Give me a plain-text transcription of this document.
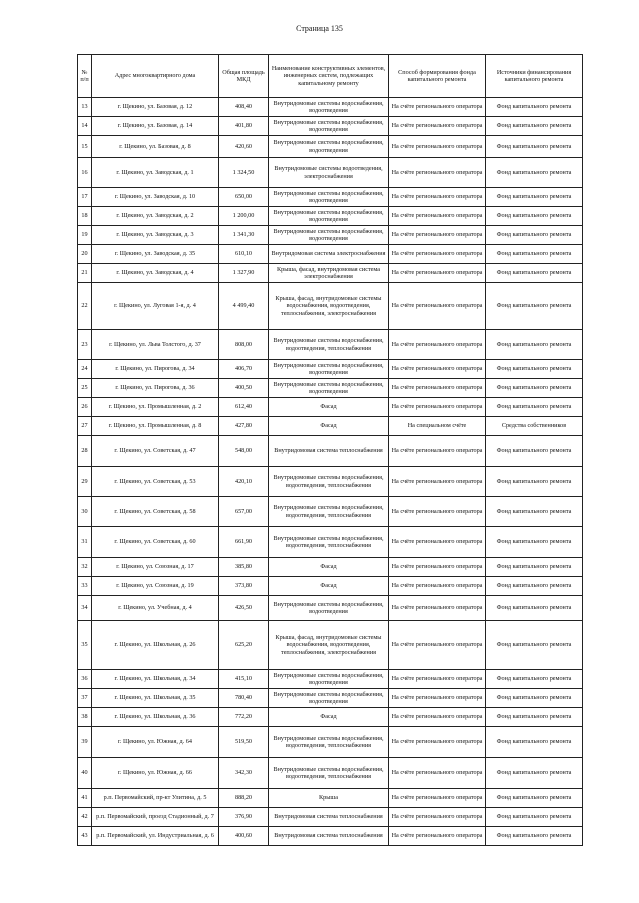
Страница 135
№ п/п	Адрес многоквартирного дома	Общая площадь МКД	Наименование конструктивных элементов, инженерных систем, подлежащих капитальному ремонту	Способ формирования фонда капитального ремонта	Источники финансирования капитального ремонта
13	г. Щекино, ул. Базовая, д. 12	408,40	Внутридомовые системы водоснабжения, водоотведения	На счёте регионального оператора	Фонд капитального ремонта
14	г. Щекино, ул. Базовая, д. 14	401,80	Внутридомовые системы водоснабжения, водоотведения	На счёте регионального оператора	Фонд капитального ремонта
15	г. Щекино, ул. Базовая, д. 8	420,60	Внутридомовые системы водоснабжения, водоотведения	На счёте регионального оператора	Фонд капитального ремонта
16	г. Щекино, ул. Заводская, д. 1	1 324,50	Внутридомовые системы водоотведения, электроснабжения	На счёте регионального оператора	Фонд капитального ремонта
17	г. Щекино, ул. Заводская, д. 10	650,00	Внутридомовые системы водоснабжения, водоотведения	На счёте регионального оператора	Фонд капитального ремонта
18	г. Щекино, ул. Заводская, д. 2	1 200,00	Внутридомовые системы водоснабжения, водоотведения	На счёте регионального оператора	Фонд капитального ремонта
19	г. Щекино, ул. Заводская, д. 3	1 341,30	Внутридомовые системы водоснабжения, водоотведения	На счёте регионального оператора	Фонд капитального ремонта
20	г. Щекино, ул. Заводская, д. 35	610,10	Внутридомовая система электроснабжения	На счёте регионального оператора	Фонд капитального ремонта
21	г. Щекино, ул. Заводская, д. 4	1 327,90	Крыша, фасад, внутридомовая система электроснабжения	На счёте регионального оператора	Фонд капитального ремонта
22	г. Щекино, ул. Луговая 1-я, д. 4	4 499,40	Крыша, фасад, внутридомовые системы водоснабжения, водоотведения, теплоснабжения, электроснабжения	На счёте регионального оператора	Фонд капитального ремонта
23	г. Щекино, ул. Льва Толстого, д. 37	808,00	Внутридомовые системы водоснабжения, водоотведения, теплоснабжения	На счёте регионального оператора	Фонд капитального ремонта
24	г. Щекино, ул. Пирогова, д. 34	406,70	Внутридомовые системы водоснабжения, водоотведения	На счёте регионального оператора	Фонд капитального ремонта
25	г. Щекино, ул. Пирогова, д. 36	400,50	Внутридомовые системы водоснабжения, водоотведения	На счёте регионального оператора	Фонд капитального ремонта
26	г. Щекино, ул. Промышленная, д. 2	612,40	Фасад	На счёте регионального оператора	Фонд капитального ремонта
27	г. Щекино, ул. Промышленная, д. 8	427,80	Фасад	На специальном счёте	Средства собственников
28	г. Щекино, ул. Советская, д. 47	548,00	Внутридомовая система теплоснабжения	На счёте регионального оператора	Фонд капитального ремонта
29	г. Щекино, ул. Советская, д. 53	420,10	Внутридомовые системы водоснабжения, водоотведения, теплоснабжения	На счёте регионального оператора	Фонд капитального ремонта
30	г. Щекино, ул. Советская, д. 58	657,00	Внутридомовые системы водоснабжения, водоотведения, теплоснабжения	На счёте регионального оператора	Фонд капитального ремонта
31	г. Щекино, ул. Советская, д. 60	661,90	Внутридомовые системы водоснабжения, водоотведения, теплоснабжения	На счёте регионального оператора	Фонд капитального ремонта
32	г. Щекино, ул. Союзная, д. 17	385,80	Фасад	На счёте регионального оператора	Фонд капитального ремонта
33	г. Щекино, ул. Союзная, д. 19	373,80	Фасад	На счёте регионального оператора	Фонд капитального ремонта
34	г. Щекино, ул. Учебная, д. 4	426,50	Внутридомовые системы водоснабжения, водоотведения	На счёте регионального оператора	Фонд капитального ремонта
35	г. Щекино, ул. Школьная, д. 26	625,20	Крыша, фасад, внутридомовые системы водоснабжения, водоотведения, теплоснабжения, электроснабжения	На счёте регионального оператора	Фонд капитального ремонта
36	г. Щекино, ул. Школьная, д. 34	415,10	Внутридомовые системы водоснабжения, водоотведения	На счёте регионального оператора	Фонд капитального ремонта
37	г. Щекино, ул. Школьная, д. 35	780,40	Внутридомовые системы водоснабжения, водоотведения	На счёте регионального оператора	Фонд капитального ремонта
38	г. Щекино, ул. Школьная, д. 36	772,20	Фасад	На счёте регионального оператора	Фонд капитального ремонта
39	г. Щекино, ул. Южная, д. 64	519,50	Внутридомовые системы водоснабжения, водоотведения, теплоснабжения	На счёте регионального оператора	Фонд капитального ремонта
40	г. Щекино, ул. Южная, д. 66	342,30	Внутридомовые системы водоснабжения, водоотведения, теплоснабжения	На счёте регионального оператора	Фонд капитального ремонта
41	р.п. Первомайский, пр-кт Улитина, д. 5	888,20	Крыша	На счёте регионального оператора	Фонд капитального ремонта
42	р.п. Первомайский, проезд Стадионный, д. 7	376,90	Внутридомовая система теплоснабжения	На счёте регионального оператора	Фонд капитального ремонта
43	р.п. Первомайский, ул. Индустриальная, д. 6	400,60	Внутридомовая система теплоснабжения	На счёте регионального оператора	Фонд капитального ремонта
